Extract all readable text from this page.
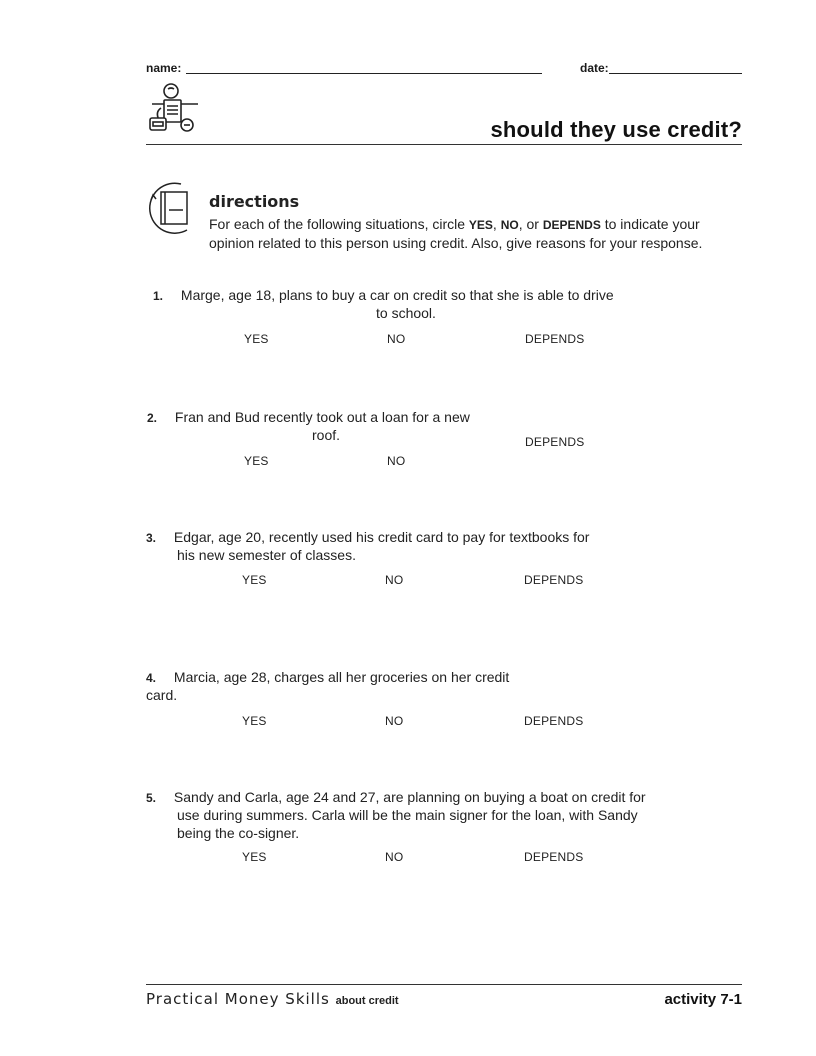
name:	date:
should they use credit?
directions
For each of the following situations, circle YES, NO, or DEPENDS to indicate your opinion related to this person using credit. Also, give reasons for your response.
1. Marge, age 18, plans to buy a car on credit so that she is able to drive
to school.
YES	NO	DEPENDS
2. Fran and Bud recently took out a loan for a new
roof.	DEPENDS
YES	NO
3. Edgar, age 20, recently used his credit card to pay for textbooks for
his new semester of classes.
YES	NO	DEPENDS
4. Marcia, age 28, charges all her groceries on her credit
card.
YES	NO	DEPENDS
5. Sandy and Carla, age 24 and 27, are planning on buying a boat on credit for
use during summers. Carla will be the main signer for the loan, with Sandy
being the co-signer.
YES	NO	DEPENDS
Practical Money Skills about credit	activity 7-1
